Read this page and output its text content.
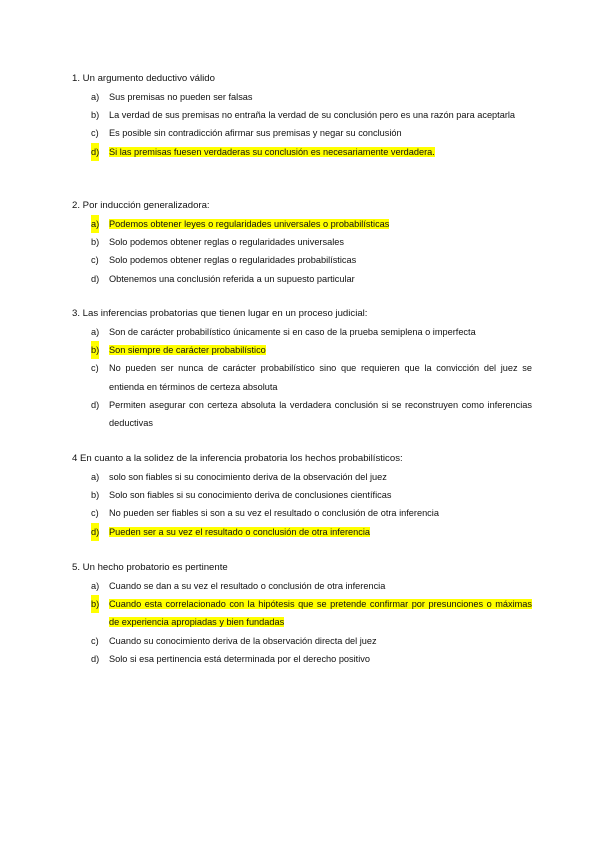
1. Un argumento deductivo válido

a) Sus premisas no pueden ser falsas
b) La verdad de sus premisas no entraña la verdad de su conclusión pero es una razón para aceptarla
c) Es posible sin contradicción afirmar sus premisas y negar su conclusión
d) Si las premisas fuesen verdaderas su conclusión es necesariamente verdadera.

2. Por inducción generalizadora:

a) Podemos obtener leyes o regularidades universales o probabilísticas
b) Solo podemos obtener reglas o regularidades universales
c) Solo podemos obtener reglas o regularidades probabilísticas
d) Obtenemos una conclusión referida a un supuesto particular

3. Las inferencias probatorias que tienen lugar en un proceso judicial:

a) Son de carácter probabilístico únicamente si en caso de la prueba semiplena o imperfecta
b) Son siempre de carácter probabilístico
c) No pueden ser nunca de carácter probabilístico sino que requieren que la convicción del juez se entienda en términos de certeza absoluta
d) Permiten asegurar con certeza absoluta la verdadera conclusión si se reconstruyen como inferencias deductivas

4 En cuanto a la solidez de la inferencia probatoria los hechos probabilísticos:

a) solo son fiables si su conocimiento deriva de la observación del juez
b) Solo son fiables si su conocimiento deriva de conclusiones científicas
c) No pueden ser fiables si son a su vez el resultado o conclusión de otra inferencia
d) Pueden ser a su vez el resultado o conclusión de otra inferencia

5. Un hecho probatorio es pertinente

a) Cuando se dan a su vez el resultado o conclusión de otra inferencia
b) Cuando esta correlacionado con la hipótesis que se pretende confirmar por presunciones o máximas de experiencia apropiadas y bien fundadas
c) Cuando su conocimiento deriva de la observación directa del juez
d) Solo si esa pertinencia está determinada por el derecho positivo
